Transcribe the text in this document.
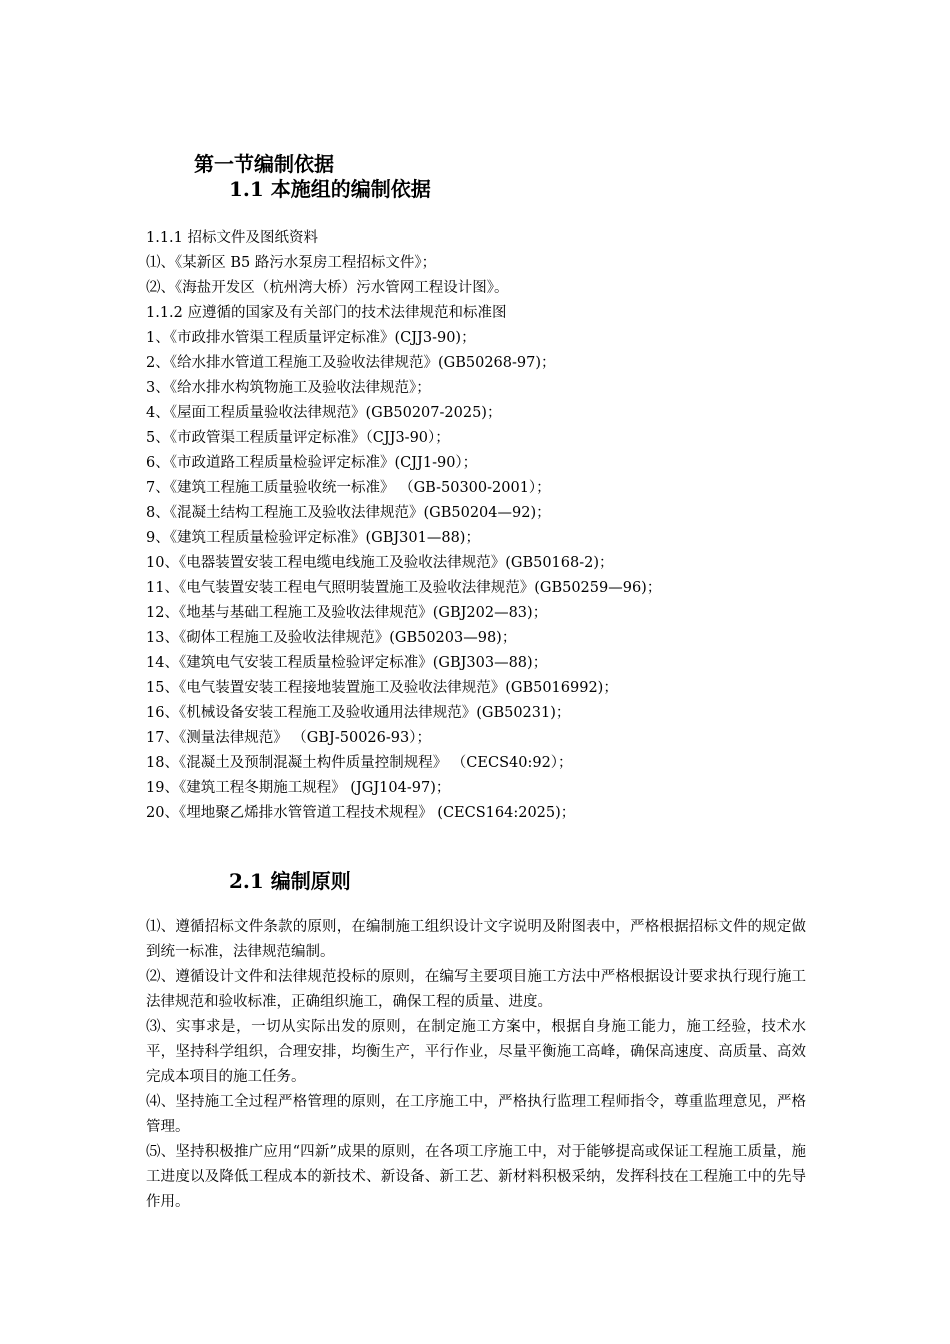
第一节编制依据
1.1 本施组的编制依据
1.1.1 招标文件及图纸资料
⑴、《某新区 B5 路污水泵房工程招标文件》；
⑵、《海盐开发区（杭州湾大桥）污水管网工程设计图》。
1.1.2 应遵循的国家及有关部门的技术法律规范和标准图
1、《市政排水管渠工程质量评定标准》(CJJ3-90)；
2、《给水排水管道工程施工及验收法律规范》(GB50268-97)；
3、《给水排水构筑物施工及验收法律规范》；
4、《屋面工程质量验收法律规范》(GB50207-2025)；
5、《市政管渠工程质量评定标准》（CJJ3-90）；
6、《市政道路工程质量检验评定标准》(CJJ1-90）；
7、《建筑工程施工质量验收统一标准》 （GB-50300-2001）；
8、《混凝土结构工程施工及验收法律规范》(GB50204—92)；
9、《建筑工程质量检验评定标准》(GBJ301—88)；
10、《电器装置安装工程电缆电线施工及验收法律规范》(GB50168-2)；
11、《电气装置安装工程电气照明装置施工及验收法律规范》(GB50259—96)；
12、《地基与基础工程施工及验收法律规范》(GBJ202—83)；
13、《砌体工程施工及验收法律规范》(GB50203—98)；
14、《建筑电气安装工程质量检验评定标准》(GBJ303—88)；
15、《电气装置安装工程接地装置施工及验收法律规范》(GB5016992)；
16、《机械设备安装工程施工及验收通用法律规范》(GB50231)；
17、《测量法律规范》 （GBJ-50026-93）；
18、《混凝土及预制混凝土构件质量控制规程》 （CECS40:92）；
19、《建筑工程冬期施工规程》 (JGJ104-97)；
20、《埋地聚乙烯排水管管道工程技术规程》 (CECS164:2025)；
2.1 编制原则

⑴、遵循招标文件条款的原则，在编制施工组织设计文字说明及附图表中，严格根据招标文件的规定做到统一标准，法律规范编制。

⑵、遵循设计文件和法律规范投标的原则，在编写主要项目施工方法中严格根据设计要求执行现行施工法律规范和验收标准，正确组织施工，确保工程的质量、进度。

⑶、实事求是，一切从实际出发的原则，在制定施工方案中，根据自身施工能力，施工经验，技术水平，坚持科学组织，合理安排，均衡生产，平行作业，尽量平衡施工高峰，确保高速度、高质量、高效完成本项目的施工任务。

⑷、坚持施工全过程严格管理的原则，在工序施工中，严格执行监理工程师指令，尊重监理意见，严格管理。

⑸、坚持积极推广应用“四新”成果的原则，在各项工序施工中，对于能够提高或保证工程施工质量，施工进度以及降低工程成本的新技术、新设备、新工艺、新材料积极采纳，发挥科技在工程施工中的先导作用。
